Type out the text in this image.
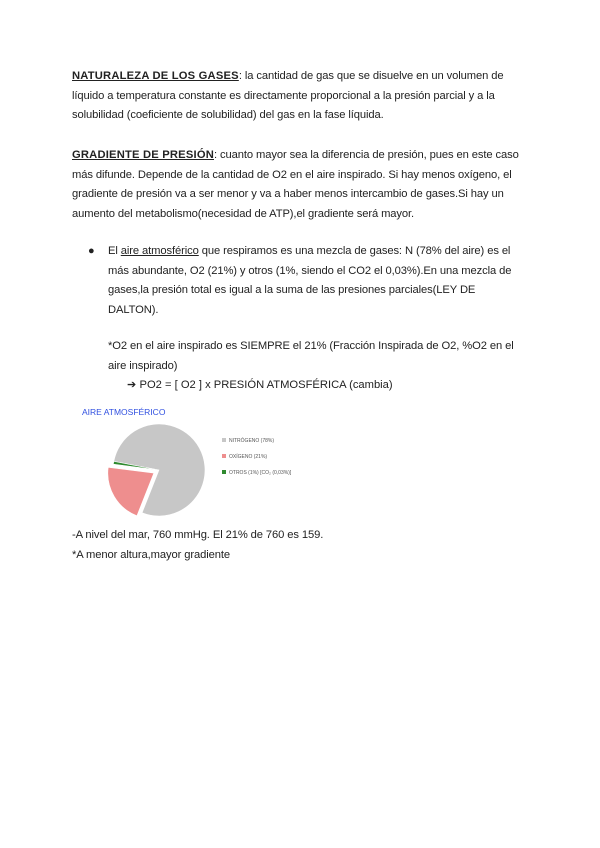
NATURALEZA DE LOS GASES: la cantidad de gas que se disuelve en un volumen de líquido a temperatura constante es directamente proporcional a la presión parcial y a la solubilidad (coeficiente de solubilidad) del gas en la fase líquida.
GRADIENTE DE PRESIÓN: cuanto mayor sea la diferencia de presión, pues en este caso más difunde. Depende de la cantidad de O2 en el aire inspirado. Si hay menos oxígeno, el gradiente de presión va a ser menor y va a haber menos intercambio de gases.Si hay un aumento del metabolismo(necesidad de ATP),el gradiente será mayor.
● El aire atmosférico que respiramos es una mezcla de gases: N (78% del aire) es el más abundante, O2 (21%) y otros (1%, siendo el CO2 el 0,03%).En una mezcla de gases,la presión total es igual a la suma de las presiones parciales(LEY DE DALTON).
*O2 en el aire inspirado es SIEMPRE el 21% (Fracción Inspirada de O2, %O2 en el aire inspirado)
➔ PO2 = [ O2 ] x PRESIÓN ATMOSFÉRICA (cambia)
AIRE ATMOSFÉRICO
NITRÓGENO (78%)
OXÍGENO (21%)
OTROS (1%) [CO₂ (0,03%)]
-A nivel del mar, 760 mmHg. El 21% de 760 es 159.
*A menor altura,mayor gradiente
